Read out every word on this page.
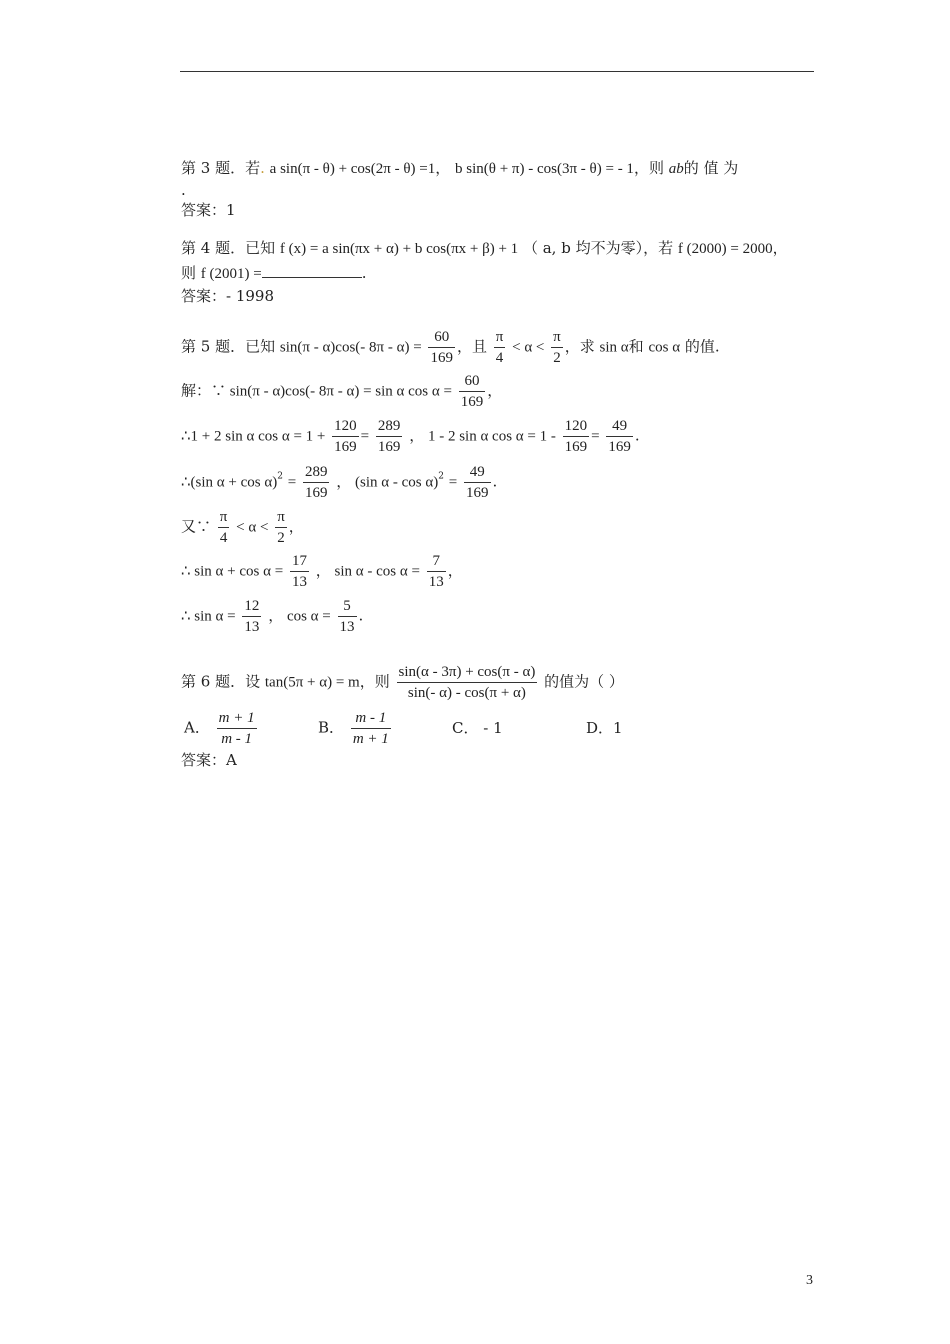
第 3 题．若. a sin(π - θ) + cos(2π - θ) =1， b sin(θ + π) - cos(3π - θ) = - 1，则 ab的 值 为
.
答案：1
第 4 题．已知 f (x) = a sin(πx + α) + b cos(πx + β) + 1 （ a, b 均不为零），若 f (2000) = 2000，
则 f (2001) =	.
答案：- 1998
第 5 题．已知 sin(π - α)cos(- $8\pi - \alpha) = \frac{60}{169}$ ，且 $\frac{\pi}{4} < \alpha < \frac{\pi}{2}$ ，求 sin α和 cos α 的值.
解：∵ sin(π - α)cos(- 8π - α) = sin α $\cos \alpha = \frac{60}{169}$ ，
∴1 + 2 sin α $\cos \alpha = 1 + \frac{120}{169} = \frac{289}{169}$ ， 1 - 2 sin α $\cos \alpha = 1 - \frac{120}{169} = \frac{49}{169}$ .
∴(sin $\alpha + \cos \alpha)^2 = \frac{289}{169}$ ， (sin $\alpha - \cos \alpha)^2 = \frac{49}{169}$ .
又∵ $\frac{\pi}{4} < \alpha < \frac{\pi}{2}$ ，
∴ $\sin \alpha + \cos \alpha = \frac{17}{13}$ ， $\sin \alpha - \cos \alpha = \frac{7}{13}$ ，
∴ $\sin \alpha = \frac{12}{13}$ ， $\cos \alpha = \frac{5}{13}$ .
第 6 题．设 tan(5π + α) = m，则 $\frac{\sin(\alpha - 3\pi) + \cos(\pi - \alpha)}{\sin(- \alpha) - \cos(\pi + \alpha)}$ 的值为（ ）
A． $\frac{m + 1}{m - 1}$	B． $\frac{m - 1}{m + 1}$	C． - 1	D．1
答案：A
3
